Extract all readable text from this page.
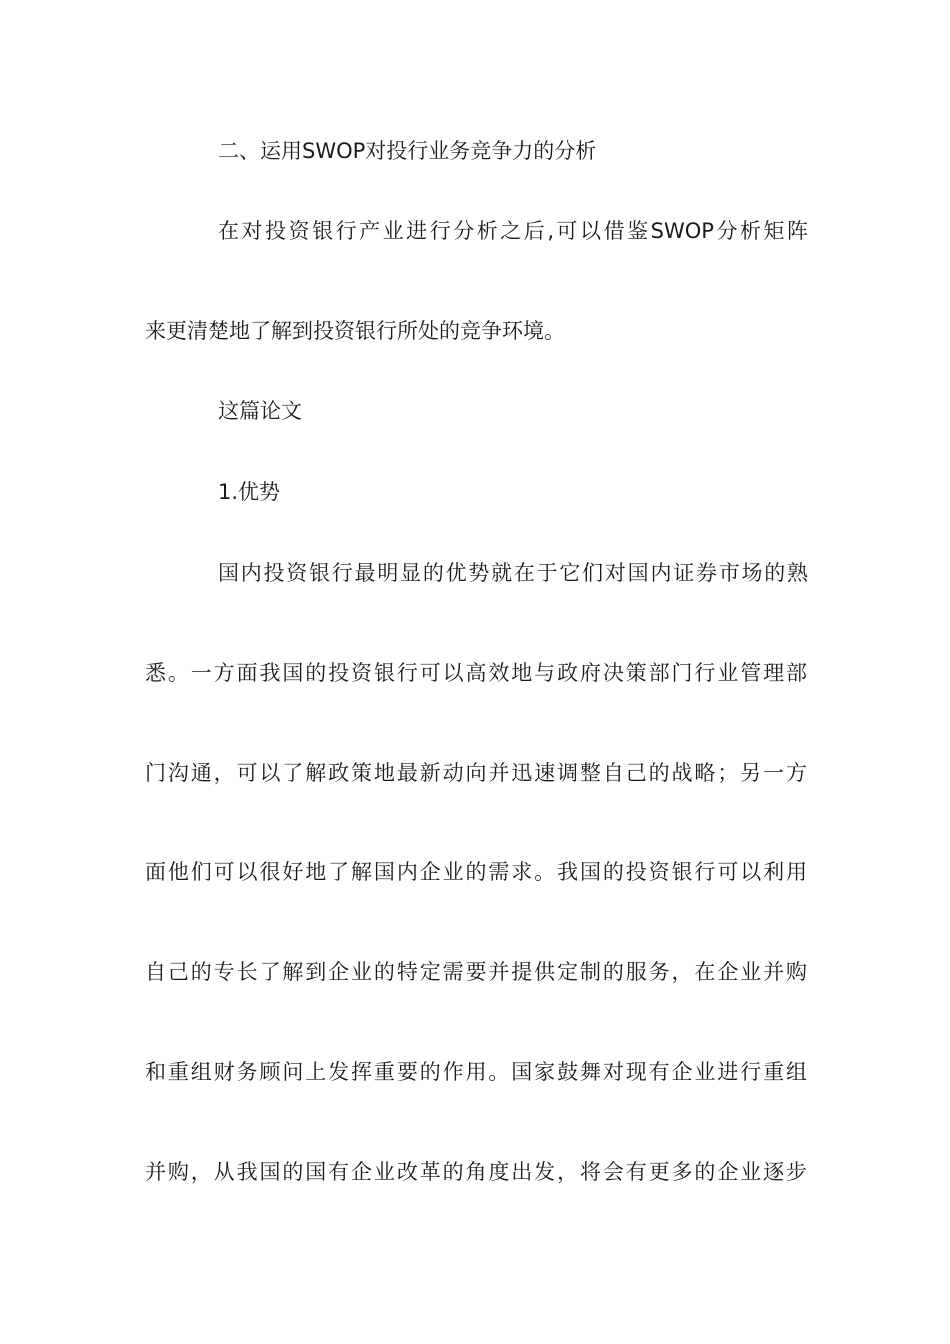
二、运用SWOP对投行业务竞争力的分析
在对投资银行产业进行分析之后,可以借鉴SWOP分析矩阵
来更清楚地了解到投资银行所处的竞争环境。
这篇论文
1.优势
国内投资银行最明显的优势就在于它们对国内证券市场的熟
悉。一方面我国的投资银行可以高效地与政府决策部门行业管理部
门沟通，可以了解政策地最新动向并迅速调整自己的战略；另一方
面他们可以很好地了解国内企业的需求。我国的投资银行可以利用
自己的专长了解到企业的特定需要并提供定制的服务，在企业并购
和重组财务顾问上发挥重要的作用。国家鼓舞对现有企业进行重组
并购，从我国的国有企业改革的角度出发，将会有更多的企业逐步
